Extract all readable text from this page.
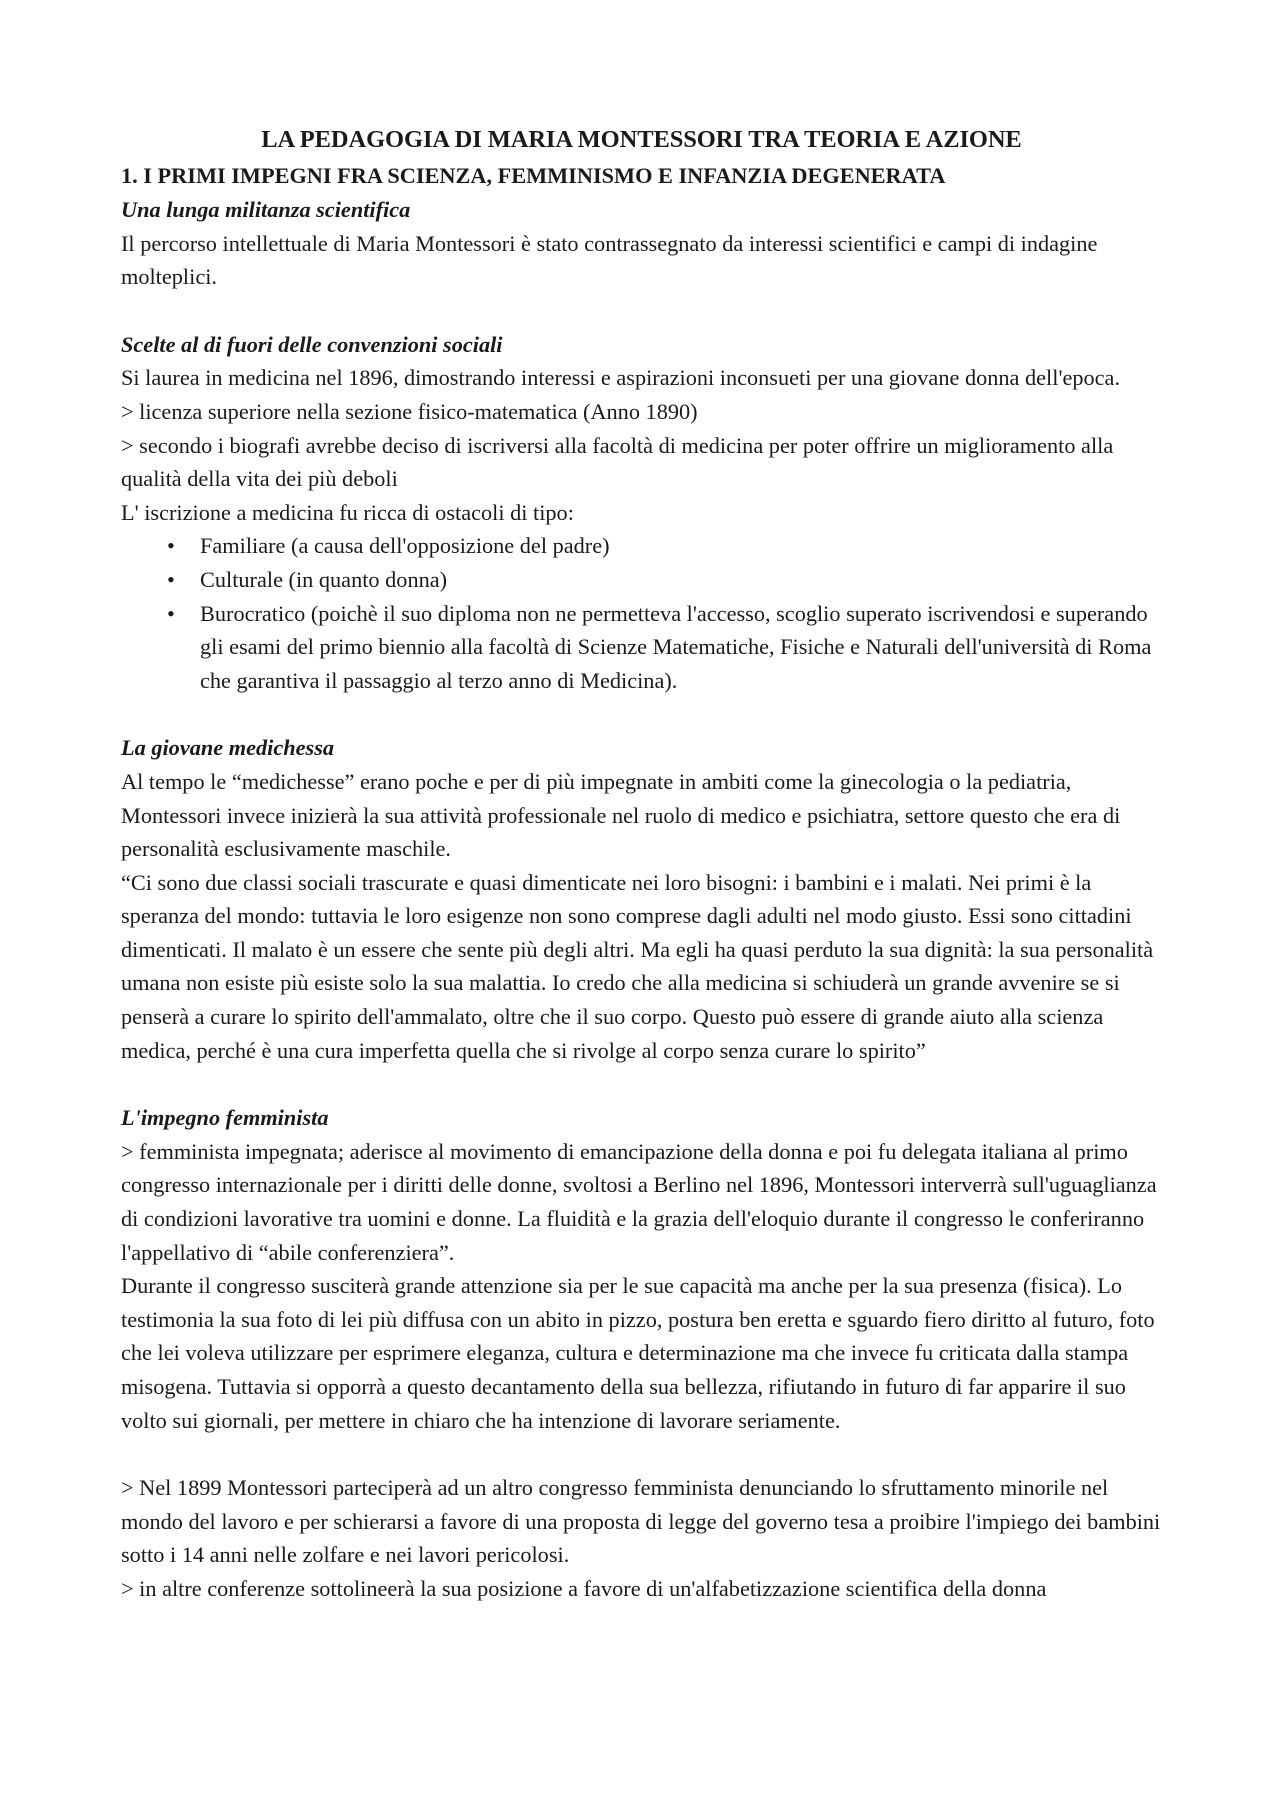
LA PEDAGOGIA DI MARIA MONTESSORI TRA TEORIA E AZIONE
1. I PRIMI IMPEGNI FRA SCIENZA, FEMMINISMO E INFANZIA DEGENERATA

Una lunga militanza scientifica

Il percorso intellettuale di Maria Montessori è stato contrassegnato da interessi scientifici e campi di indagine molteplici.

Scelte al di fuori delle convenzioni sociali

Si laurea in medicina nel 1896, dimostrando interessi e aspirazioni inconsueti per una giovane donna dell'epoca.

> licenza superiore nella sezione fisico-matematica (Anno 1890)

> secondo i biografi avrebbe deciso di iscriversi alla facoltà di medicina per poter offrire un miglioramento alla qualità della vita dei più deboli

L' iscrizione a medicina fu ricca di ostacoli di tipo:

• Familiare (a causa dell'opposizione del padre)
• Culturale (in quanto donna)
• Burocratico (poichè il suo diploma non ne permetteva l'accesso, scoglio superato iscrivendosi e superando gli esami del primo biennio alla facoltà di Scienze Matematiche, Fisiche e Naturali dell'università di Roma che garantiva il passaggio al terzo anno di Medicina).

La giovane medichessa

Al tempo le “medichesse” erano poche e per di più impegnate in ambiti come la ginecologia o la pediatria, Montessori invece inizierà la sua attività professionale nel ruolo di medico e psichiatra, settore questo che era di personalità esclusivamente maschile.

“Ci sono due classi sociali trascurate e quasi dimenticate nei loro bisogni: i bambini e i malati. Nei primi è la speranza del mondo: tuttavia le loro esigenze non sono comprese dagli adulti nel modo giusto. Essi sono cittadini dimenticati. Il malato è un essere che sente più degli altri. Ma egli ha quasi perduto la sua dignità: la sua personalità umana non esiste più esiste solo la sua malattia. Io credo che alla medicina si schiuderà un grande avvenire se si penserà a curare lo spirito dell'ammalato, oltre che il suo corpo. Questo può essere di grande aiuto alla scienza medica, perché è una cura imperfetta quella che si rivolge al corpo senza curare lo spirito”

L'impegno femminista

> femminista impegnata; aderisce al movimento di emancipazione della donna e poi fu delegata italiana al primo congresso internazionale per i diritti delle donne, svoltosi a Berlino nel 1896, Montessori interverrà sull'uguaglianza di condizioni lavorative tra uomini e donne. La fluidità e la grazia dell'eloquio durante il congresso le conferiranno l'appellativo di “abile conferenziera”.

Durante il congresso susciterà grande attenzione sia per le sue capacità ma anche per la sua presenza (fisica). Lo testimonia la sua foto di lei più diffusa con un abito in pizzo, postura ben eretta e sguardo fiero diritto al futuro, foto che lei voleva utilizzare per esprimere eleganza, cultura e determinazione ma che invece fu criticata dalla stampa misogena. Tuttavia si opporrà a questo decantamento della sua bellezza, rifiutando in futuro di far apparire il suo volto sui giornali, per mettere in chiaro che ha intenzione di lavorare seriamente.

> Nel 1899 Montessori parteciperà ad un altro congresso femminista denunciando lo sfruttamento minorile nel mondo del lavoro e per schierarsi a favore di una proposta di legge del governo tesa a proibire l'impiego dei bambini sotto i 14 anni nelle zolfare e nei lavori pericolosi.

> in altre conferenze sottolineerà la sua posizione a favore di un'alfabetizzazione scientifica della donna
